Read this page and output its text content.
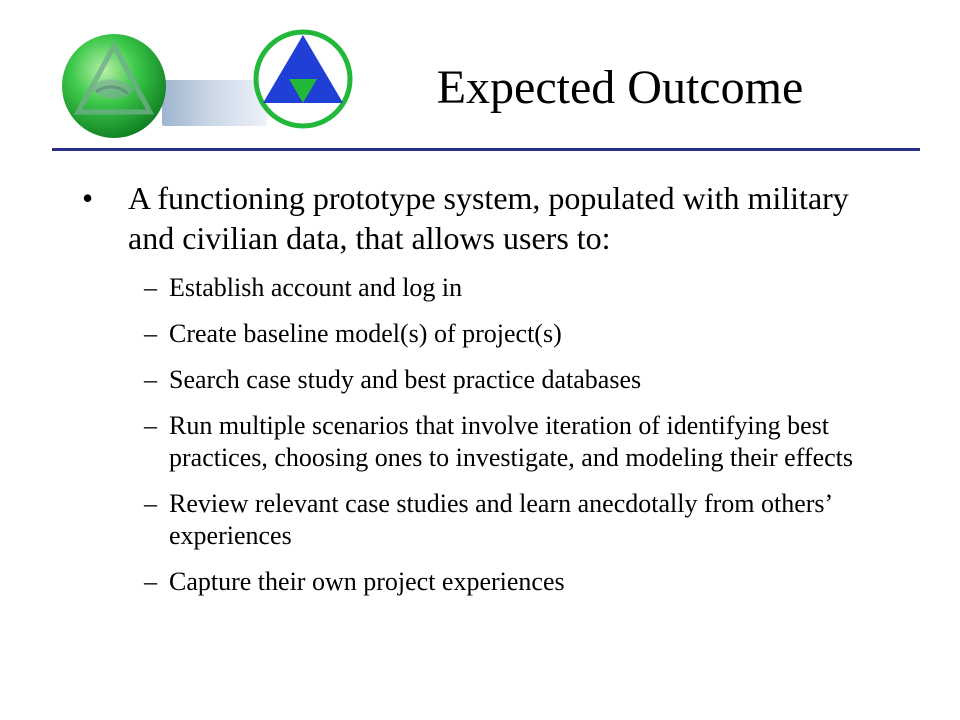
Expected Outcome
• A functioning prototype system, populated with military and civilian data, that allows users to:
– Establish account and log in
– Create baseline model(s) of project(s)
– Search case study and best practice databases
– Run multiple scenarios that involve iteration of identifying best practices, choosing ones to investigate, and modeling their effects
– Review relevant case studies and learn anecdotally from others’ experiences
– Capture their own project experiences
